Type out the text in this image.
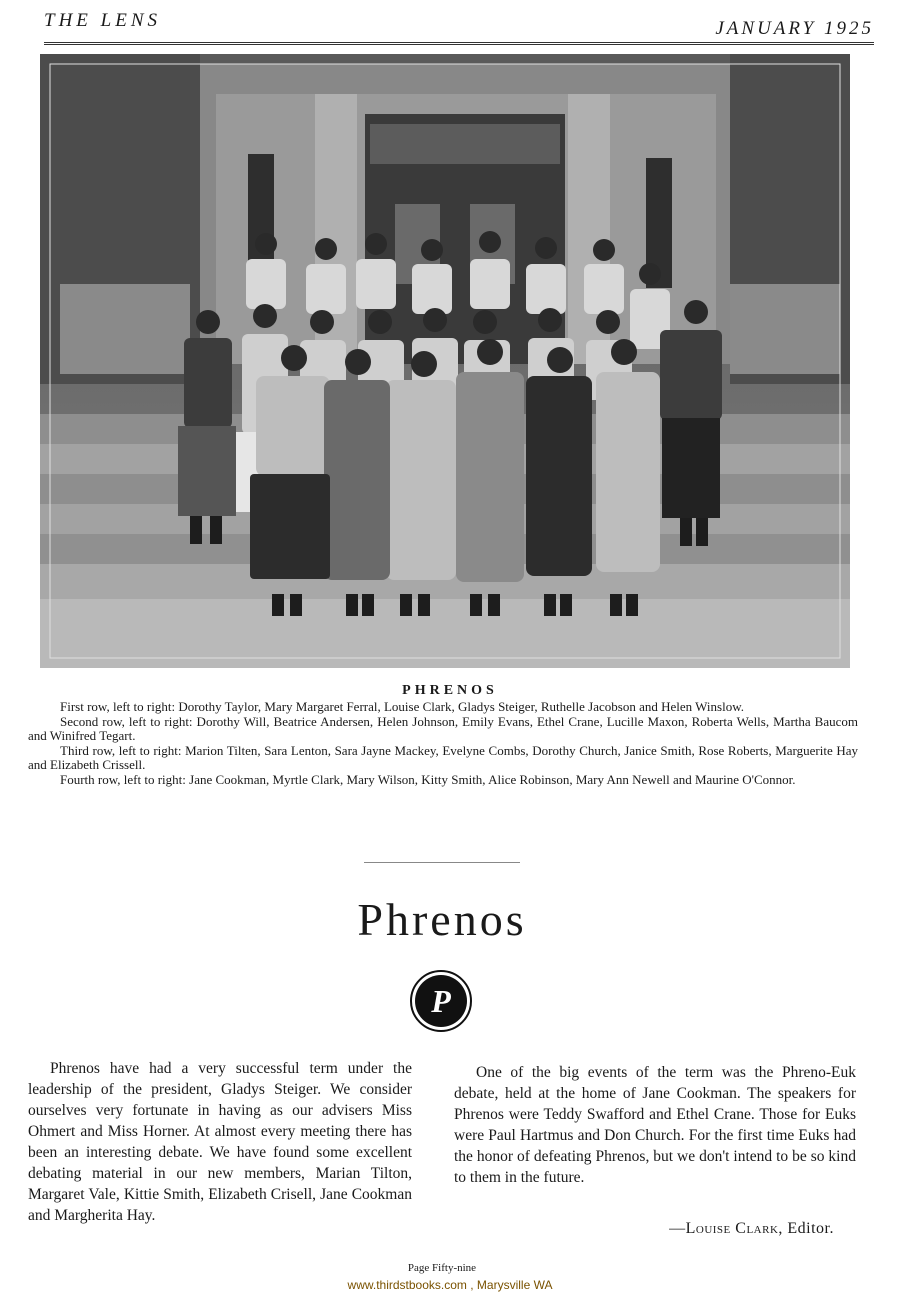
THE LENS	JANUARY 1925
PHRENOS

First row, left to right: Dorothy Taylor, Mary Margaret Ferral, Louise Clark, Gladys Steiger, Ruthelle Jacobson and Helen Winslow.

Second row, left to right: Dorothy Will, Beatrice Andersen, Helen Johnson, Emily Evans, Ethel Crane, Lucille Maxon, Roberta Wells, Martha Baucom and Winifred Tegart.

Third row, left to right: Marion Tilten, Sara Lenton, Sara Jayne Mackey, Evelyne Combs, Dorothy Church, Janice Smith, Rose Roberts, Marguerite Hay and Elizabeth Crissell.

Fourth row, left to right: Jane Cookman, Myrtle Clark, Mary Wilson, Kitty Smith, Alice Robinson, Mary Ann Newell and Maurine O'Connor.

Phrenos
P

Phrenos have had a very successful term under the leadership of the president, Gladys Steiger. We consider ourselves very fortunate in having as our advisers Miss Ohmert and Miss Horner. At almost every meeting there has been an interesting debate. We have found some excellent debating material in our new members, Marian Tilton, Margaret Vale, Kittie Smith, Elizabeth Crisell, Jane Cookman and Margherita Hay.

One of the big events of the term was the Phreno-Euk debate, held at the home of Jane Cookman. The speakers for Phrenos were Teddy Swafford and Ethel Crane. Those for Euks were Paul Hartmus and Don Church. For the first time Euks had the honor of defeating Phrenos, but we don't intend to be so kind to them in the future.

—Louise Clark, Editor.
Page Fifty-nine
www.thirdstbooks.com , Marysville WA
